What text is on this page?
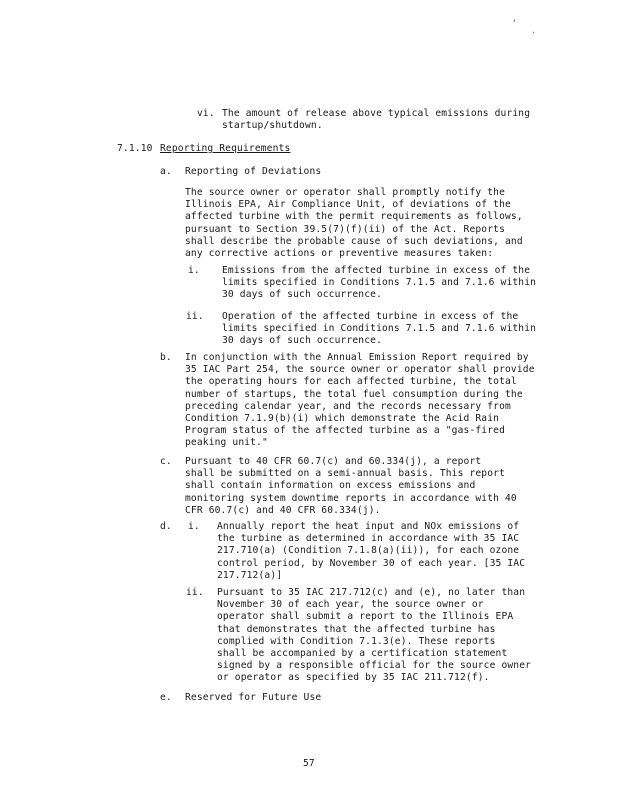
,
.
vi. The amount of release above typical emissions during
startup/shutdown.
7.1.10 Reporting Requirements
a. Reporting of Deviations
The source owner or operator shall promptly notify the
Illinois EPA, Air Compliance Unit, of deviations of the
affected turbine with the permit requirements as follows,
pursuant to Section 39.5(7)(f)(ii) of the Act. Reports
shall describe the probable cause of such deviations, and
any corrective actions or preventive measures taken:
i. Emissions from the affected turbine in excess of the
limits specified in Conditions 7.1.5 and 7.1.6 within
30 days of such occurrence.
ii. Operation of the affected turbine in excess of the
limits specified in Conditions 7.1.5 and 7.1.6 within
30 days of such occurrence.
b. In conjunction with the Annual Emission Report required by
35 IAC Part 254, the source owner or operator shall provide
the operating hours for each affected turbine, the total
number of startups, the total fuel consumption during the
preceding calendar year, and the records necessary from
Condition 7.1.9(b)(i) which demonstrate the Acid Rain
Program status of the affected turbine as a "gas-fired
peaking unit."
c. Pursuant to 40 CFR 60.7(c) and 60.334(j), a report
shall be submitted on a semi-annual basis. This report
shall contain information on excess emissions and
monitoring system downtime reports in accordance with 40
CFR 60.7(c) and 40 CFR 60.334(j).
d. i. Annually report the heat input and NOx emissions of
the turbine as determined in accordance with 35 IAC
217.710(a) (Condition 7.1.8(a)(ii)), for each ozone
control period, by November 30 of each year. [35 IAC
217.712(a)]
ii. Pursuant to 35 IAC 217.712(c) and (e), no later than
November 30 of each year, the source owner or
operator shall submit a report to the Illinois EPA
that demonstrates that the affected turbine has
complied with Condition 7.1.3(e). These reports
shall be accompanied by a certification statement
signed by a responsible official for the source owner
or operator as specified by 35 IAC 211.712(f).
e. Reserved for Future Use
57
